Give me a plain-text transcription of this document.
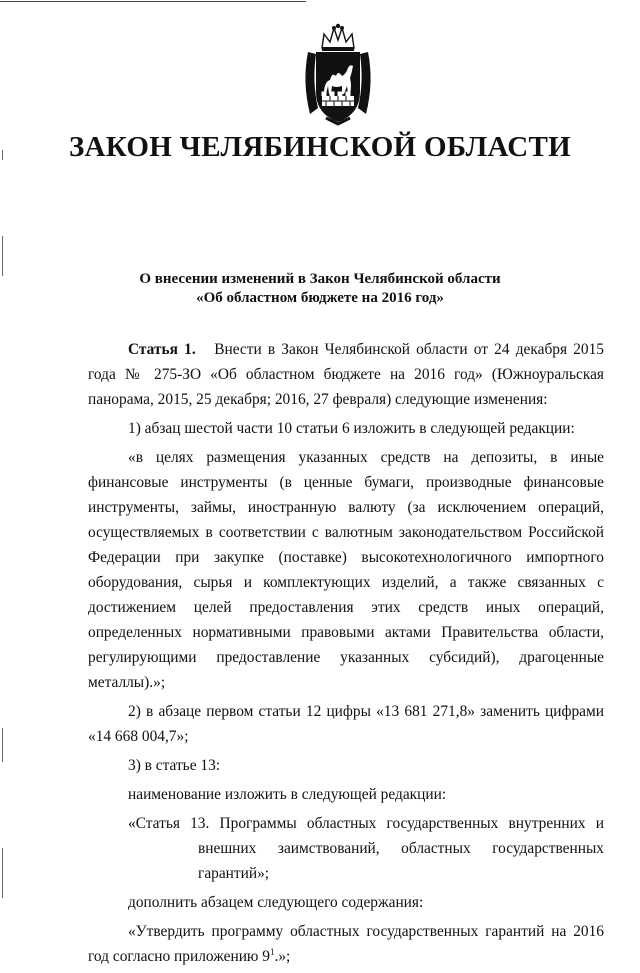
ЗАКОН ЧЕЛЯБИНСКОЙ ОБЛАСТИ
О внесении изменений в Закон Челябинской области
«Об областном бюджете на 2016 год»

Статья 1. Внести в Закон Челябинской области от 24 декабря 2015 года № 275-ЗО «Об областном бюджете на 2016 год» (Южноуральская панорама, 2015, 25 декабря; 2016, 27 февраля) следующие изменения:

1) абзац шестой части 10 статьи 6 изложить в следующей редакции:

«в целях размещения указанных средств на депозиты, в иные финансовые инструменты (в ценные бумаги, производные финансовые инструменты, займы, иностранную валюту (за исключением операций, осуществляемых в соответствии с валютным законодательством Российской Федерации при закупке (поставке) высокотехнологичного импортного оборудования, сырья и комплектующих изделий, а также связанных с достижением целей предоставления этих средств иных операций, определенных нормативными правовыми актами Правительства области, регулирующими предоставление указанных субсидий), драгоценные металлы).»;

2) в абзаце первом статьи 12 цифры «13 681 271,8» заменить цифрами «14 668 004,7»;

3) в статье 13:

наименование изложить в следующей редакции:

«Статья 13. Программы областных государственных внутренних и внешних заимствований, областных государственных гарантий»;

дополнить абзацем следующего содержания:

«Утвердить программу областных государственных гарантий на 2016 год согласно приложению $9^1$.»;
